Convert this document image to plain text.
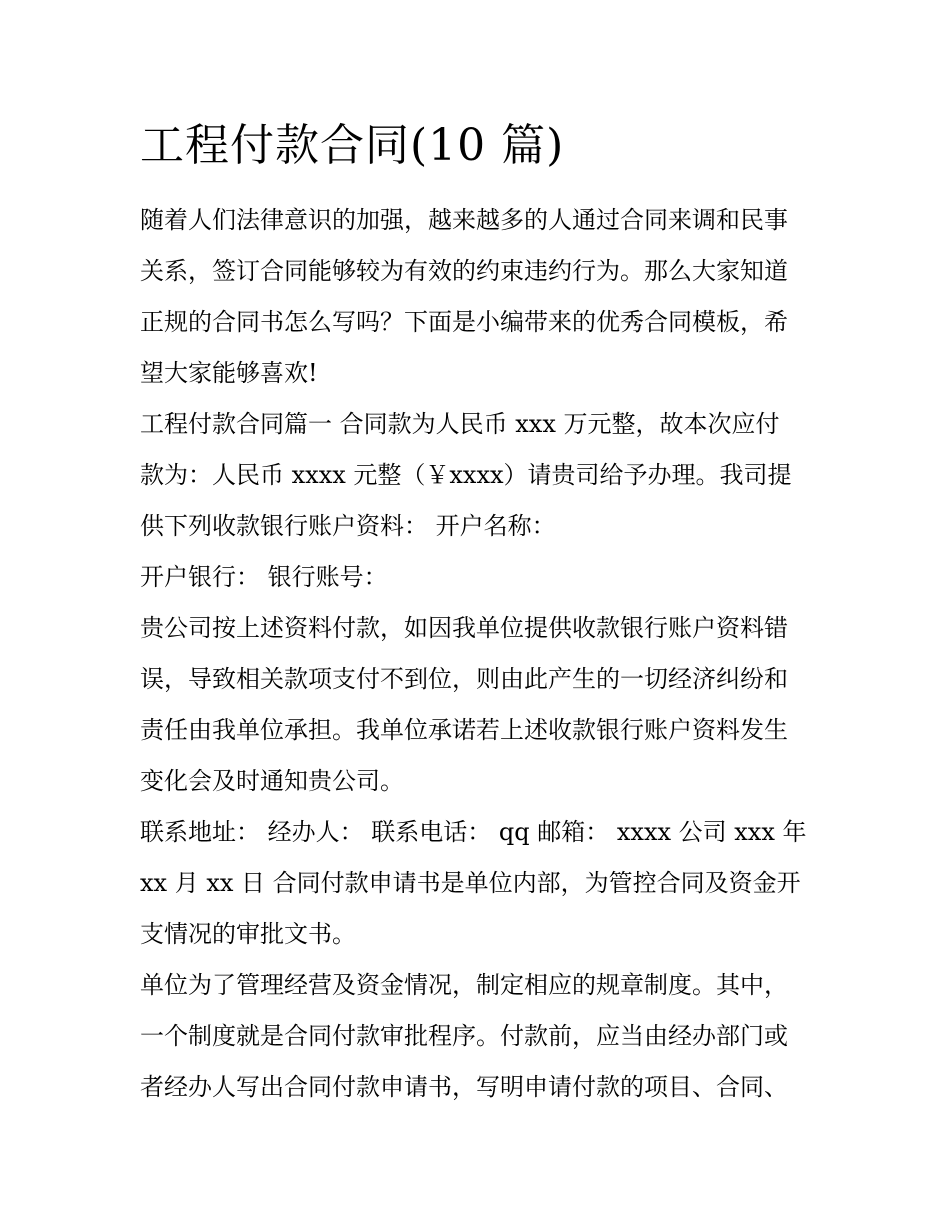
工程付款合同(10 篇)

随着人们法律意识的加强，越来越多的人通过合同来调和民事

关系，签订合同能够较为有效的约束违约行为。那么大家知道

正规的合同书怎么写吗？下面是小编带来的优秀合同模板，希

望大家能够喜欢!

工程付款合同篇一 合同款为人民币 xxx 万元整，故本次应付

款为：人民币 xxxx 元整（￥xxxx）请贵司给予办理。我司提

供下列收款银行账户资料： 开户名称：

开户银行： 银行账号：

贵公司按上述资料付款，如因我单位提供收款银行账户资料错

误，导致相关款项支付不到位，则由此产生的一切经济纠纷和

责任由我单位承担。我单位承诺若上述收款银行账户资料发生

变化会及时通知贵公司。

联系地址： 经办人： 联系电话： qq 邮箱： xxxx 公司 xxx 年

xx 月 xx 日 合同付款申请书是单位内部，为管控合同及资金开

支情况的审批文书。

单位为了管理经营及资金情况，制定相应的规章制度。其中，

一个制度就是合同付款审批程序。付款前，应当由经办部门或

者经办人写出合同付款申请书，写明申请付款的项目、合同、
